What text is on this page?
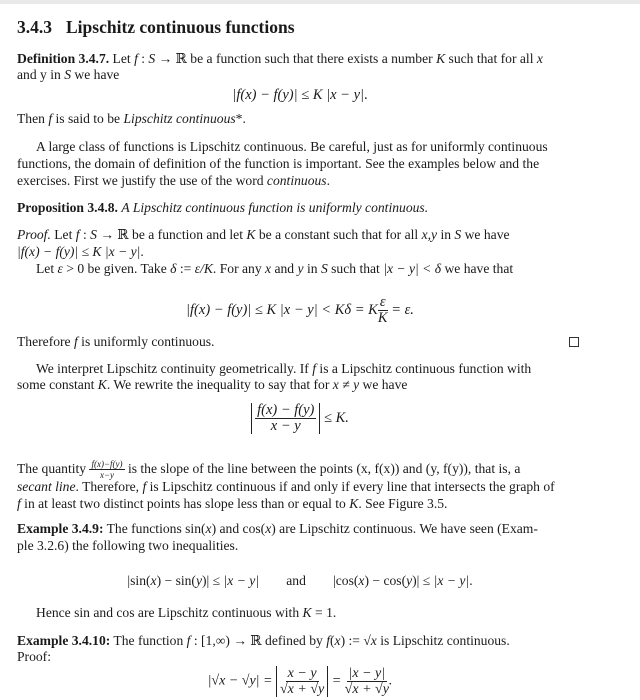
3.4.3 Lipschitz continuous functions
Definition 3.4.7. Let f : S → ℝ be a function such that there exists a number K such that for all x
and y in S we have
|f(x) − f(y)| ≤ K |x − y|.
Then f is said to be Lipschitz continuous*.
A large class of functions is Lipschitz continuous. Be careful, just as for uniformly continuous
functions, the domain of definition of the function is important. See the examples below and the
exercises. First we justify the use of the word continuous.
Proposition 3.4.8. A Lipschitz continuous function is uniformly continuous.
Proof. Let f : S → ℝ be a function and let K be a constant such that for all x,y in S we have
|f(x) − f(y)| ≤ K |x − y|.
Let ε > 0 be given. Take δ := ε/K. For any x and y in S such that |x − y| < δ we have that
|f(x) − f(y)| ≤ K |x − y| < Kδ = K $\frac{\varepsilon}{K} = \varepsilon$.
Therefore f is uniformly continuous.
We interpret Lipschitz continuity geometrically. If f is a Lipschitz continuous function with
some constant K. We rewrite the inequality to say that for x ≠ y we have
$\frac{f(x) - f(y)}{x - y} \le K$.
The quantity $\frac{f(x)-f(y)}{x-y}$ is the slope of the line between the points (x, f(x)) and (y, f(y)), that is, a
secant line. Therefore, f is Lipschitz continuous if and only if every line that intersects the graph of
f in at least two distinct points has slope less than or equal to K. See Figure 3.5.
Example 3.4.9: The functions sin(x) and cos(x) are Lipschitz continuous. We have seen (Exam-
ple 3.2.6) the following two inequalities.
|sin(x) − sin(y)| ≤ |x − y|        and        |cos(x) − cos(y)| ≤ |x − y|.
Hence sin and cos are Lipschitz continuous with K = 1.
Example 3.4.10: The function f : [1,∞) → ℝ defined by f(x) := √x is Lipschitz continuous.
Proof:
$|√x - √y| = \frac{x - y}{√x + √y} = \frac{|x - y|}{√x + √y}$ .
